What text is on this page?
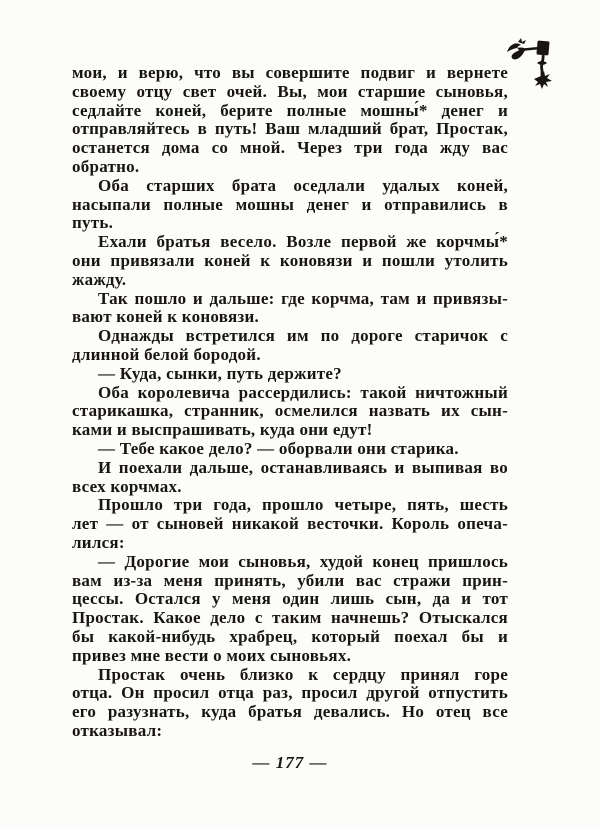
мои, и верю, что вы совершите подвиг и вернете
своему отцу свет очей. Вы, мои старшие сыновья,
седлайте коней, берите полные мошны́* денег и
отправляйтесь в путь! Ваш младший брат, Простак,
останется дома со мной. Через три года жду вас
обратно.
Оба старших брата оседлали удалых коней,
насыпали полные мошны денег и отправились в
путь.
Ехали братья весело. Возле первой же корчмы́*
они привязали коней к коновязи и пошли утолить
жажду.
Так пошло и дальше: где корчма, там и привязы-
вают коней к коновязи.
Однажды встретился им по дороге старичок с
длинной белой бородой.
— Куда, сынки, путь держите?
Оба королевича рассердились: такой ничтожный
старикашка, странник, осмелился назвать их сын-
ками и выспрашивать, куда они едут!
— Тебе какое дело? — оборвали они старика.
И поехали дальше, останавливаясь и выпивая во
всех корчмах.
Прошло три года, прошло четыре, пять, шесть
лет — от сыновей никакой весточки. Король опеча-
лился:
— Дорогие мои сыновья, худой конец пришлось
вам из-за меня принять, убили вас стражи прин-
цессы. Остался у меня один лишь сын, да и тот
Простак. Какое дело с таким начнешь? Отыскался
бы какой-нибудь храбрец, который поехал бы и
привез мне вести о моих сыновьях.
Простак очень близко к сердцу принял горе
отца. Он просил отца раз, просил другой отпустить
его разузнать, куда братья девались. Но отец все
отказывал:
— 177 —
